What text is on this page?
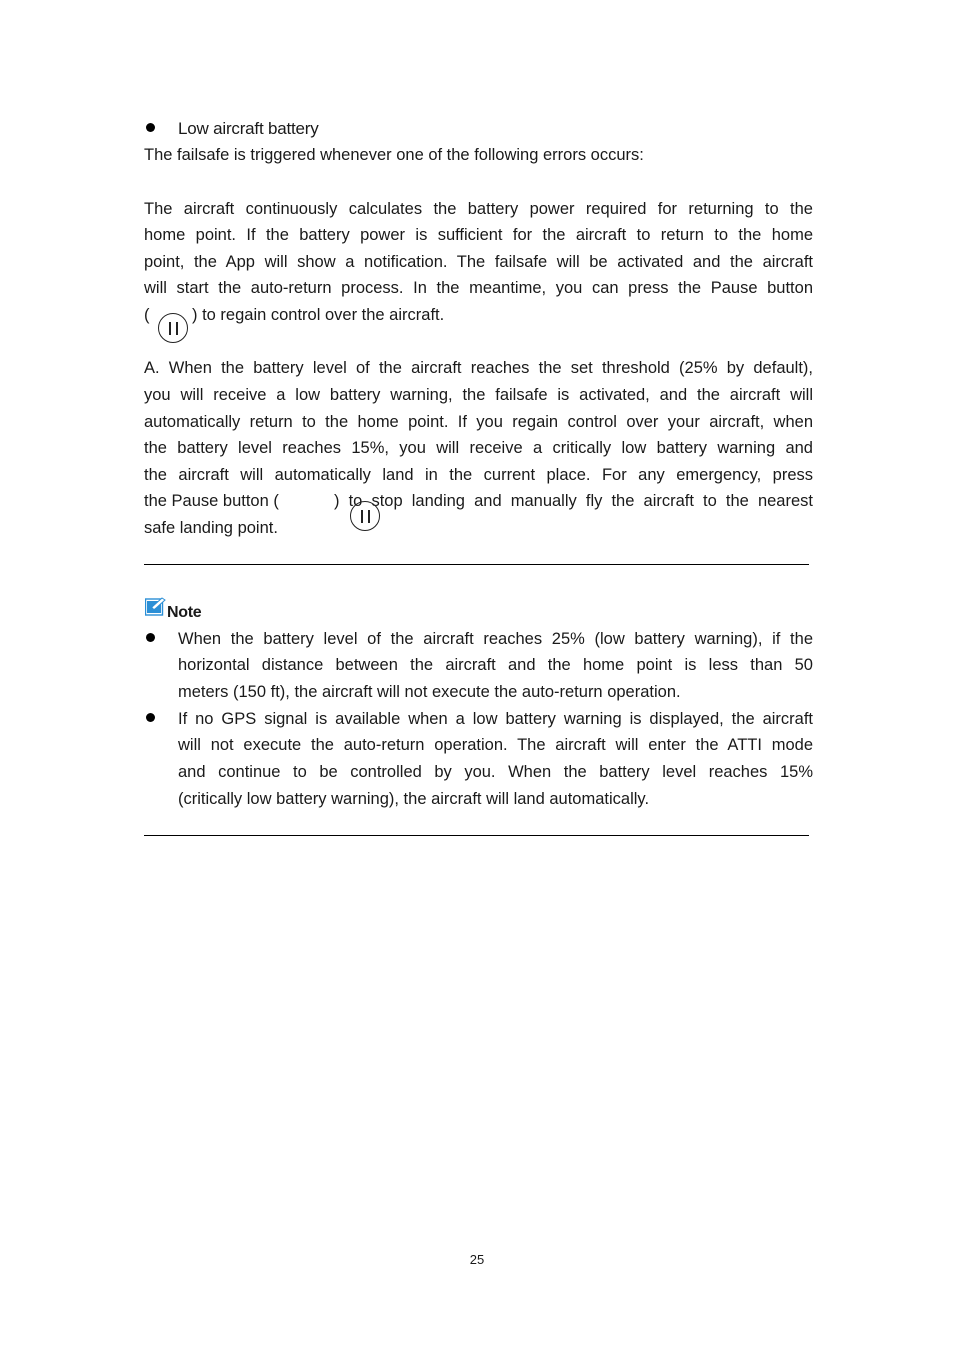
Low aircraft battery
The failsafe is triggered whenever one of the following errors occurs:
The aircraft continuously calculates the battery power required for returning to the
home point. If the battery power is sufficient for the aircraft to return to the home
point, the App will show a notification. The failsafe will be activated and the aircraft
will start the auto-return process. In the meantime, you can press the Pause button
(	) to regain control over the aircraft.
A. When the battery level of the aircraft reaches the set threshold (25% by default),
you will receive a low battery warning, the failsafe is activated, and the aircraft will
automatically return to the home point. If you regain control over your aircraft, when
the battery level reaches 15%, you will receive a critically low battery warning and
the aircraft will automatically land in the current place. For any emergency, press
the Pause button (	) to stop landing and manually fly the aircraft to the nearest
safe landing point.
Note
When the battery level of the aircraft reaches 25% (low battery warning), if the
horizontal distance between the aircraft and the home point is less than 50
meters (150 ft), the aircraft will not execute the auto-return operation.
If no GPS signal is available when a low battery warning is displayed, the aircraft
will not execute the auto-return operation. The aircraft will enter the ATTI mode
and continue to be controlled by you. When the battery level reaches 15%
(critically low battery warning), the aircraft will land automatically.
25
